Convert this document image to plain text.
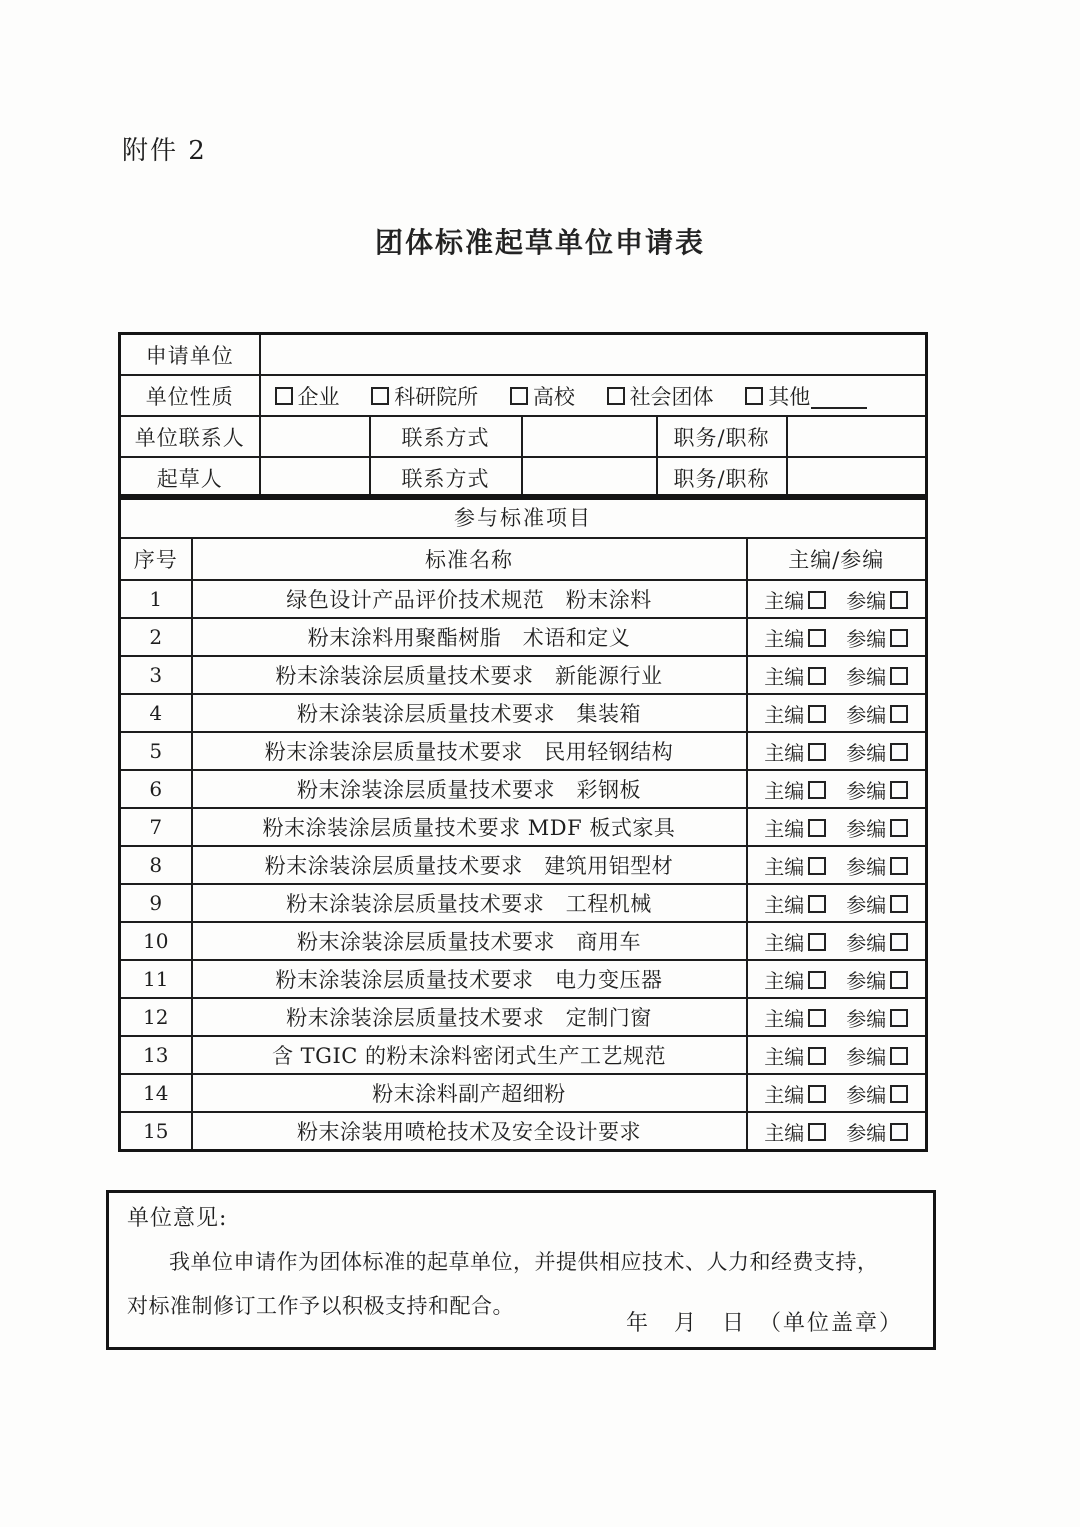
附件 2
团体标准起草单位申请表
申请单位					
单位性质	企业 科研院所 高校 社会团体 其他				
单位联系人		联系方式		职务/职称	
起草人		联系方式		职务/职称	
参与标准项目		
序号	标准名称	主编/参编
1	绿色设计产品评价技术规范　粉末涂料	主编 参编
2	粉末涂料用聚酯树脂　术语和定义	主编 参编
3	粉末涂装涂层质量技术要求　新能源行业	主编 参编
4	粉末涂装涂层质量技术要求　集装箱	主编 参编
5	粉末涂装涂层质量技术要求　民用轻钢结构	主编 参编
6	粉末涂装涂层质量技术要求　彩钢板	主编 参编
7	粉末涂装涂层质量技术要求 MDF 板式家具	主编 参编
8	粉末涂装涂层质量技术要求　建筑用铝型材	主编 参编
9	粉末涂装涂层质量技术要求　工程机械	主编 参编
10	粉末涂装涂层质量技术要求　商用车	主编 参编
11	粉末涂装涂层质量技术要求　电力变压器	主编 参编
12	粉末涂装涂层质量技术要求　定制门窗	主编 参编
13	含 TGIC 的粉末涂料密闭式生产工艺规范	主编 参编
14	粉末涂料副产超细粉	主编 参编
15	粉末涂装用喷枪技术及安全设计要求	主编 参编
单位意见:

我单位申请作为团体标准的起草单位，并提供相应技术、人力和经费支持，对标准制修订工作予以积极支持和配合。

年　月　日　（单位盖章）
